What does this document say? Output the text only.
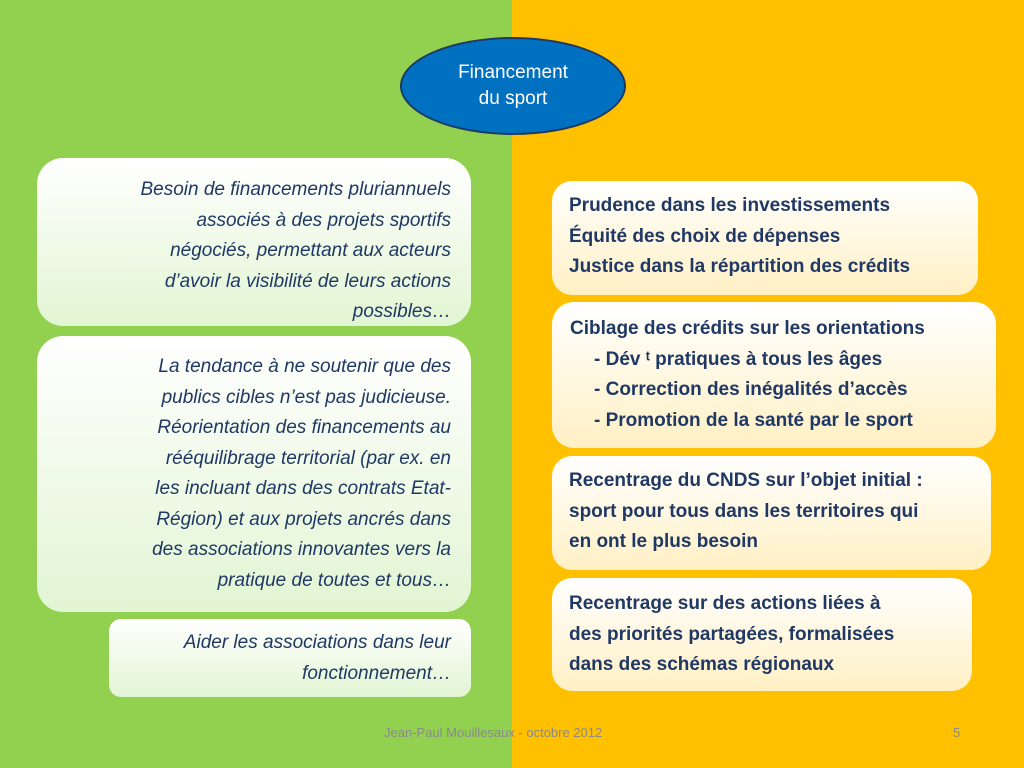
Financement
du sport
Besoin de financements pluriannuels
associés à des projets sportifs
négociés, permettant aux acteurs
d’avoir la visibilité de leurs actions
possibles…
La tendance à ne soutenir que des
publics cibles n’est pas judicieuse.
Réorientation des financements au
rééquilibrage territorial (par ex. en
les incluant dans des contrats Etat-
Région) et aux projets ancrés dans
des associations innovantes vers la
pratique de toutes et tous…
Aider les associations dans leur
fonctionnement…
Prudence dans les investissements
Équité des choix de dépenses
Justice dans la répartition des crédits
Ciblage des crédits sur les orientations
- Dév ᵗ pratiques à tous les âges
- Correction des inégalités d’accès
- Promotion de la santé par le sport
Recentrage du CNDS sur l’objet initial :
sport pour tous dans les territoires qui
en ont le plus besoin
Recentrage sur des actions liées à
des priorités partagées, formalisées
dans des schémas régionaux
Jean-Paul Mouillesaux - octobre 2012	5
